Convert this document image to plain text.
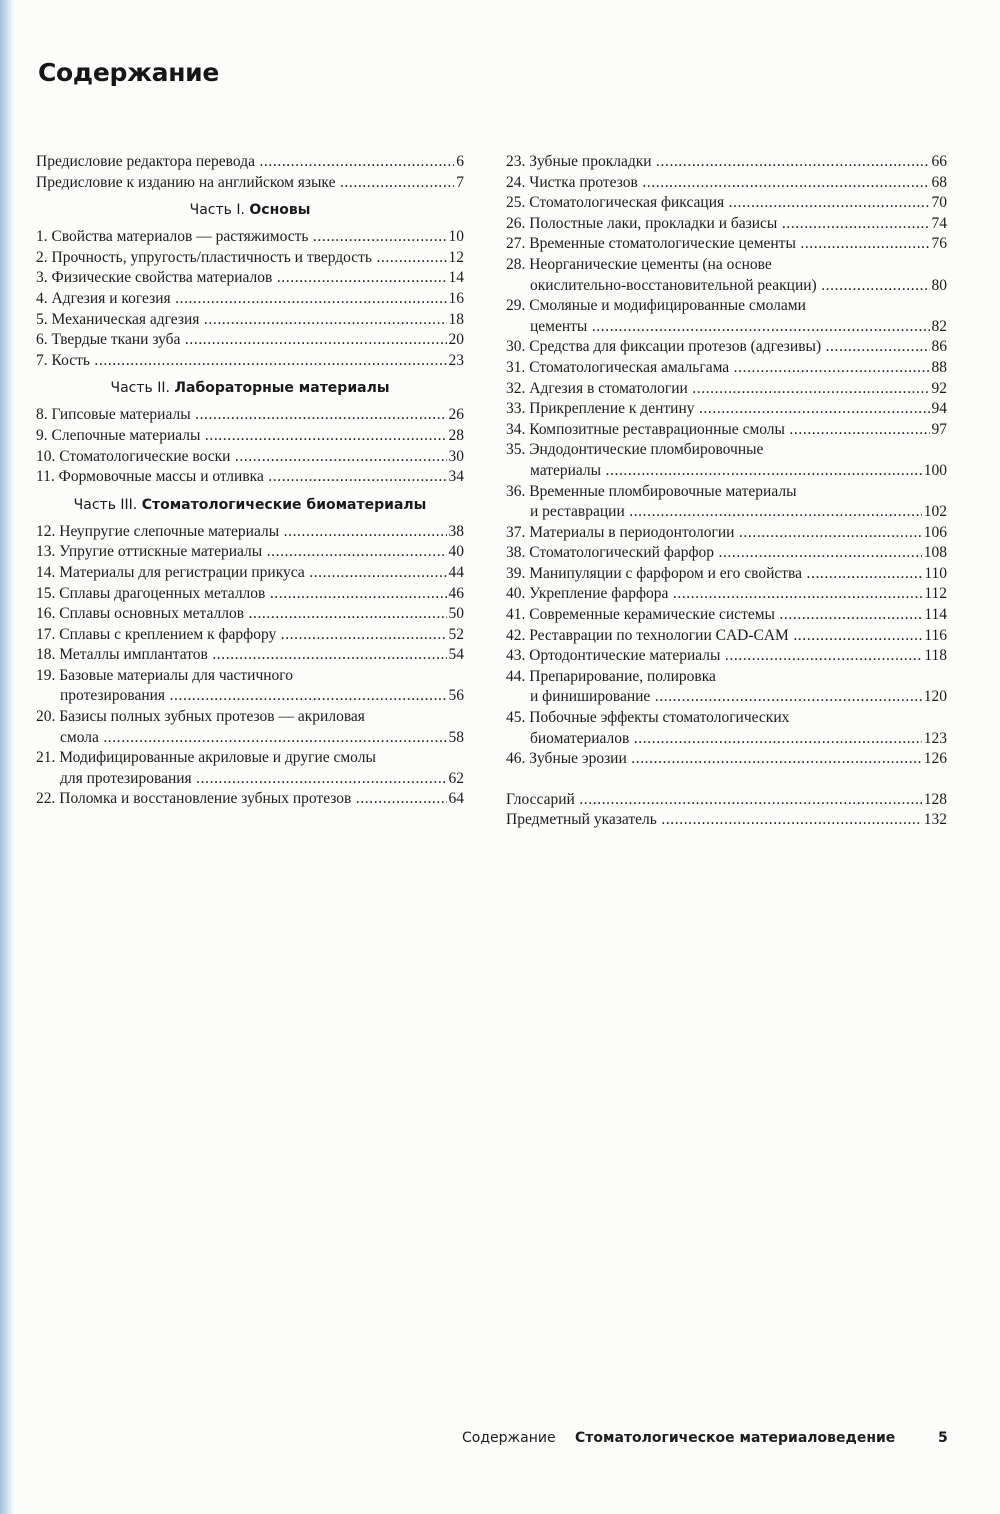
Содержание
Предисловие редактора перевода .....	6
Предисловие к изданию на английском языке .....	7
Часть I. Основы
1. Свойства материалов — растяжимость .....	10
2. Прочность, упругость/пластичность и твердость .....	12
3. Физические свойства материалов .....	14
4. Адгезия и когезия .....	16
5. Механическая адгезия .....	18
6. Твердые ткани зуба .....	20
7. Кость .....	23
Часть II. Лабораторные материалы
8. Гипсовые материалы .....	26
9. Слепочные материалы .....	28
10. Стоматологические воски .....	30
11. Формовочные массы и отливка .....	34
Часть III. Стоматологические биоматериалы
12. Неупругие слепочные материалы .....	38
13. Упругие оттискные материалы .....	40
14. Материалы для регистрации прикуса .....	44
15. Сплавы драгоценных металлов .....	46
16. Сплавы основных металлов .....	50
17. Сплавы с креплением к фарфору .....	52
18. Металлы имплантатов .....	54
19. Базовые материалы для частичного
протезирования .....	56
20. Базисы полных зубных протезов — акриловая
смола .....	58
21. Модифицированные акриловые и другие смолы
для протезирования .....	62
22. Поломка и восстановление зубных протезов .....	64
23. Зубные прокладки .....	66
24. Чистка протезов .....	68
25. Стоматологическая фиксация .....	70
26. Полостные лаки, прокладки и базисы .....	74
27. Временные стоматологические цементы .....	76
28. Неорганические цементы (на основе
окислительно-восстановительной реакции) .....	80
29. Смоляные и модифицированные смолами
цементы .....	82
30. Средства для фиксации протезов (адгезивы) .....	86
31. Стоматологическая амальгама .....	88
32. Адгезия в стоматологии .....	92
33. Прикрепление к дентину .....	94
34. Композитные реставрационные смолы .....	97
35. Эндодонтические пломбировочные
материалы .....	100
36. Временные пломбировочные материалы
и реставрации .....	102
37. Материалы в периодонтологии .....	106
38. Стоматологический фарфор .....	108
39. Манипуляции с фарфором и его свойства .....	110
40. Укрепление фарфора .....	112
41. Современные керамические системы .....	114
42. Реставрации по технологии CAD-CAM .....	116
43. Ортодонтические материалы .....	118
44. Препарирование, полировка
и финиширование .....	120
45. Побочные эффекты стоматологических
биоматериалов .....	123
46. Зубные эрозии .....	126
Глоссарий .....	128
Предметный указатель .....	132
Содержание Стоматологическое материаловедение	5
